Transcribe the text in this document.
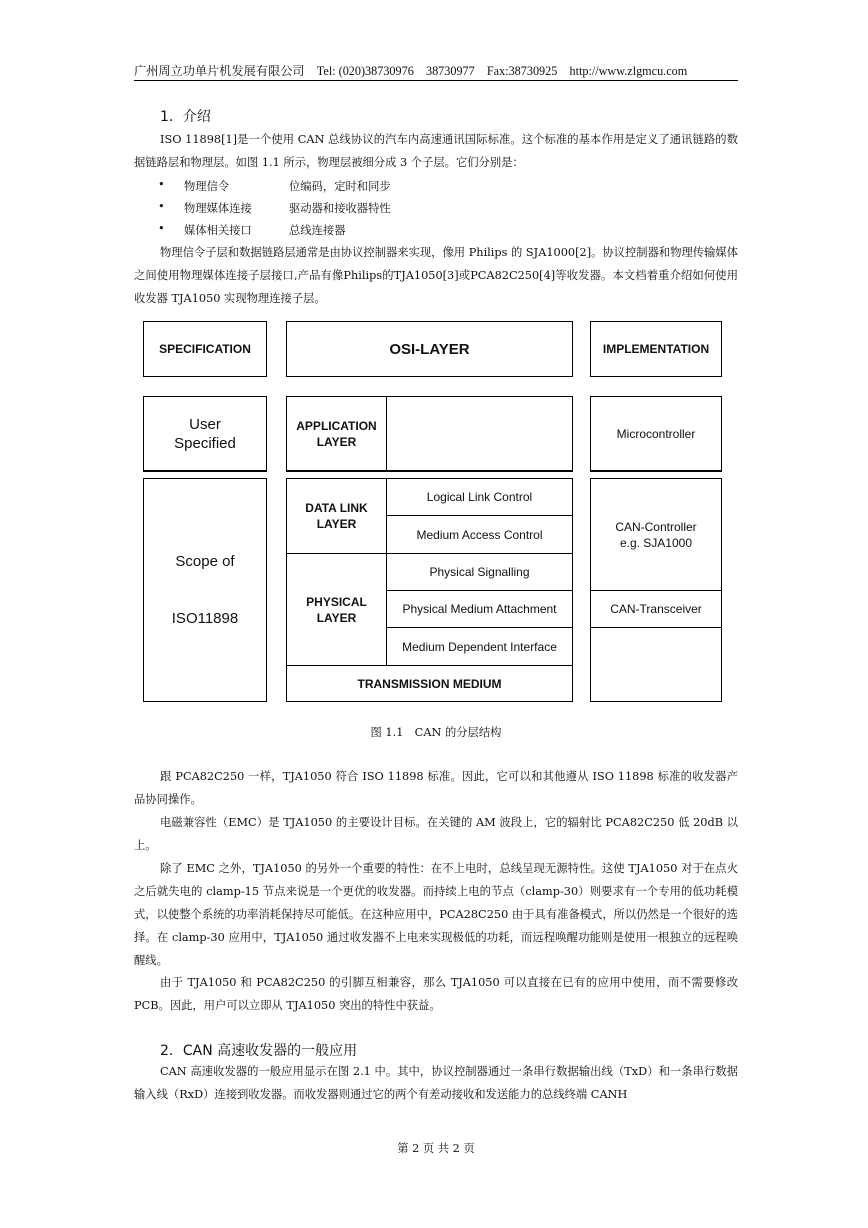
广州周立功单片机发展有限公司　Tel: (020)38730976　38730977　Fax:38730925　http://www.zlgmcu.com
1．介绍
ISO 11898[1]是一个使用 CAN 总线协议的汽车内高速通讯国际标准。这个标准的基本作用是定义了通讯链路的数据链路层和物理层。如图 1.1 所示，物理层被细分成 3 个子层。它们分别是：
• 物理信令	位编码，定时和同步
• 物理媒体连接	驱动器和接收器特性
• 媒体相关接口	总线连接器
物理信令子层和数据链路层通常是由协议控制器来实现，像用 Philips 的 SJA1000[2]。协议控制器和物理传输媒体之间使用物理媒体连接子层接口,产品有像Philips的TJA1050[3]或PCA82C250[4]等收发器。本文档着重介绍如何使用收发器 TJA1050 实现物理连接子层。
SPECIFICATION	OSI-LAYER	IMPLEMENTATION
User
Specified
Scope of
ISO11898
APPLICATION
LAYER
DATA LINK
LAYER
Logical Link Control
Medium Access Control
PHYSICAL
LAYER
Physical Signalling
Physical Medium Attachment
Medium Dependent Interface
TRANSMISSION MEDIUM
Microcontroller
CAN-Controller
e.g. SJA1000
CAN-Transceiver
图 1.1　CAN 的分层结构
跟 PCA82C250 一样，TJA1050 符合 ISO 11898 标准。因此，它可以和其他遵从 ISO 11898 标准的收发器产品协同操作。
电磁兼容性（EMC）是 TJA1050 的主要设计目标。在关键的 AM 波段上，它的辐射比 PCA82C250 低 20dB 以上。
除了 EMC 之外，TJA1050 的另外一个重要的特性：在不上电时，总线呈现无源特性。这使 TJA1050 对于在点火之后就失电的 clamp-15 节点来说是一个更优的收发器。而持续上电的节点（clamp-30）则要求有一个专用的低功耗模式，以使整个系统的功率消耗保持尽可能低。在这种应用中，PCA28C250 由于具有准备模式，所以仍然是一个很好的选择。在 clamp-30 应用中，TJA1050 通过收发器不上电来实现极低的功耗，而远程唤醒功能则是使用一根独立的远程唤醒线。
由于 TJA1050 和 PCA82C250 的引脚互相兼容，那么 TJA1050 可以直接在已有的应用中使用，而不需要修改 PCB。因此，用户可以立即从 TJA1050 突出的特性中获益。
2．CAN 高速收发器的一般应用
CAN 高速收发器的一般应用显示在图 2.1 中。其中，协议控制器通过一条串行数据输出线（TxD）和一条串行数据输入线（RxD）连接到收发器。而收发器则通过它的两个有差动接收和发送能力的总线终端 CANH
第 2 页 共 2 页
